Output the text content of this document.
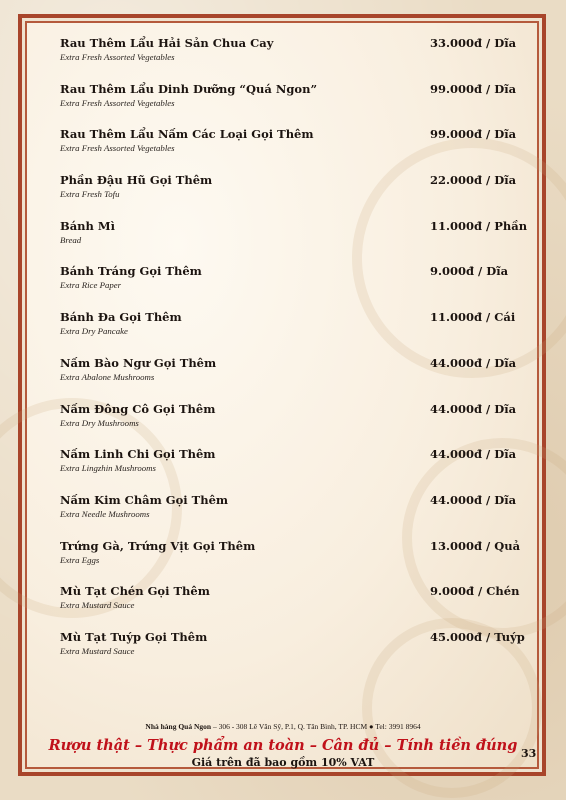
Rau Thêm Lẩu Hải Sản Chua Cay
Extra Fresh Assorted Vegetables
33.000đ / Dĩa
Rau Thêm Lẩu Dinh Dưỡng “Quá Ngon”
Extra Fresh Assorted Vegetables
99.000đ / Dĩa
Rau Thêm Lẩu Nấm Các Loại Gọi Thêm
Extra Fresh Assorted Vegetables
99.000đ / Dĩa
Phần Đậu Hũ Gọi Thêm
Extra Fresh Tofu
22.000đ / Dĩa
Bánh Mì
Bread
11.000đ / Phần
Bánh Tráng Gọi Thêm
Extra Rice Paper
9.000đ / Dĩa
Bánh Đa Gọi Thêm
Extra Dry Pancake
11.000đ / Cái
Nấm Bào Ngư Gọi Thêm
Extra Abalone Mushrooms
44.000đ / Dĩa
Nấm Đông Cô Gọi Thêm
Extra Dry Mushrooms
44.000đ / Dĩa
Nấm Linh Chi Gọi Thêm
Extra Lingzhin Mushrooms
44.000đ / Dĩa
Nấm Kim Châm Gọi Thêm
Extra Needle Mushrooms
44.000đ / Dĩa
Trứng Gà, Trứng Vịt Gọi Thêm
Extra Eggs
13.000đ / Quả
Mù Tạt Chén Gọi Thêm
Extra Mustard Sauce
9.000đ / Chén
Mù Tạt Tuýp Gọi Thêm
Extra Mustard Sauce
45.000đ / Tuýp
Nhà hàng Quá Ngon – 306 - 308 Lê Văn Sỹ, P.1, Q. Tân Bình, TP. HCM ● Tel: 3991 8964
Rượu thật – Thực phẩm an toàn – Cân đủ – Tính tiền đúng
Giá trên đã bao gồm 10% VAT
33
